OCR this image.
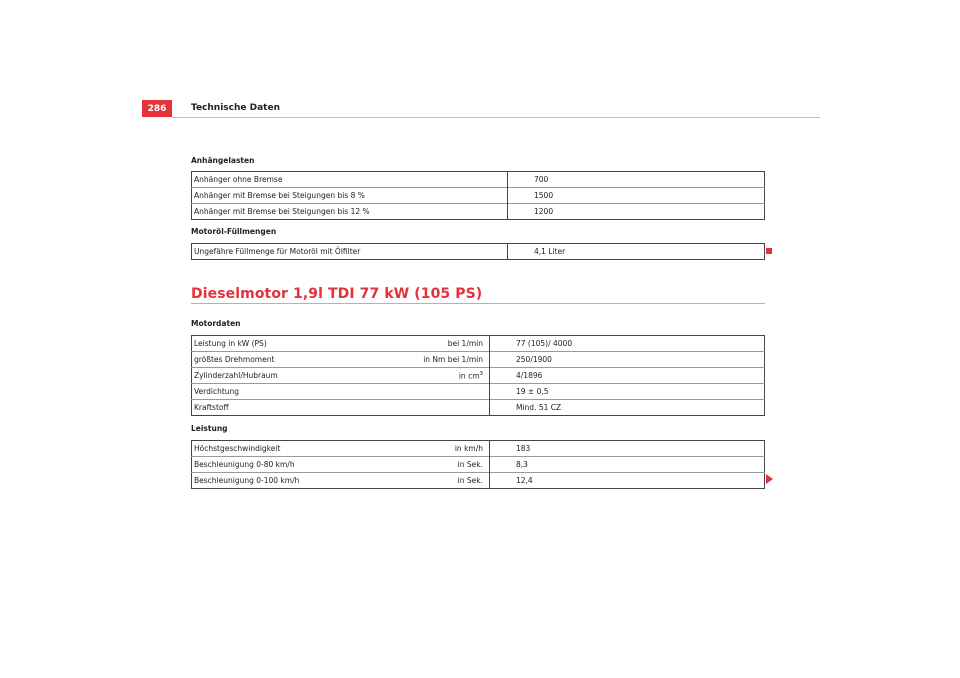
286	Technische Daten
Anhängelasten
Anhänger ohne Bremse		700
Anhänger mit Bremse bei Steigungen bis 8 %		1500
Anhänger mit Bremse bei Steigungen bis 12 %		1200
Motoröl-Füllmengen
Ungefähre Füllmenge für Motoröl mit Ölfilter		4,1 Liter
Dieselmotor 1,9l TDI 77 kW (105 PS)
Motordaten
Leistung in kW (PS)	bei 1/min		77 (105)/ 4000
größtes Drehmoment	in Nm bei 1/min		250/1900
Zylinderzahl/Hubraum	in $cm^3$		4/1896
Verdichtung			19 ± 0,5
Kraftstoff			Mind. 51 CZ
Leistung
Höchstgeschwindigkeit	in km/h		183
Beschleunigung 0-80 km/h	in Sek.		8,3
Beschleunigung 0-100 km/h	in Sek.		12,4
